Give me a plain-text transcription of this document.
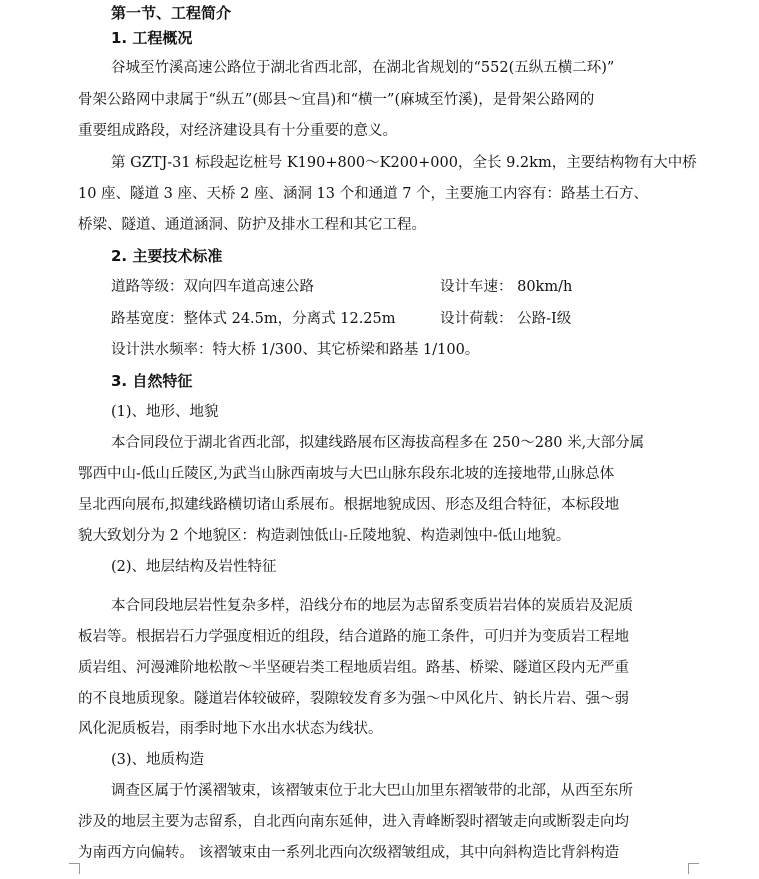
第一节、工程简介
1. 工程概况
谷城至竹溪高速公路位于湖北省西北部，在湖北省规划的“552(五纵五横二环)”
骨架公路网中隶属于“纵五”(郧县～宜昌)和“横一”(麻城至竹溪)，是骨架公路网的
重要组成路段，对经济建设具有十分重要的意义。
第 GZTJ-31 标段起讫桩号 K190+800～K200+000，全长 9.2km，主要结构物有大中桥
10 座、隧道 3 座、天桥 2 座、涵洞 13 个和通道 7 个，主要施工内容有：路基土石方、
桥梁、隧道、通道涵洞、防护及排水工程和其它工程。
2. 主要技术标准
道路等级：双向四车道高速公路	设计车速： 80km/h
路基宽度：整体式 24.5m，分离式 12.25m	设计荷载： 公路-Ⅰ级
设计洪水频率：特大桥 1/300、其它桥梁和路基 1/100。
3. 自然特征
(1)、地形、地貌
本合同段位于湖北省西北部，拟建线路展布区海拔高程多在 250～280 米,大部分属
鄂西中山-低山丘陵区,为武当山脉西南坡与大巴山脉东段东北坡的连接地带,山脉总体
呈北西向展布,拟建线路横切诸山系展布。根据地貌成因、形态及组合特征，本标段地
貌大致划分为 2 个地貌区：构造剥蚀低山-丘陵地貌、构造剥蚀中-低山地貌。
(2)、地层结构及岩性特征
本合同段地层岩性复杂多样，沿线分布的地层为志留系变质岩岩体的炭质岩及泥质
板岩等。根据岩石力学强度相近的组段，结合道路的施工条件，可归并为变质岩工程地
质岩组、河漫滩阶地松散～半坚硬岩类工程地质岩组。路基、桥梁、隧道区段内无严重
的不良地质现象。隧道岩体较破碎，裂隙较发育多为强～中风化片、钠长片岩、强～弱
风化泥质板岩，雨季时地下水出水状态为线状。
(3)、地质构造
调查区属于竹溪褶皱束，该褶皱束位于北大巴山加里东褶皱带的北部，从西至东所
涉及的地层主要为志留系，自北西向南东延伸，进入青峰断裂时褶皱走向或断裂走向均
为南西方向偏转。 该褶皱束由一系列北西向次级褶皱组成，其中向斜构造比背斜构造
